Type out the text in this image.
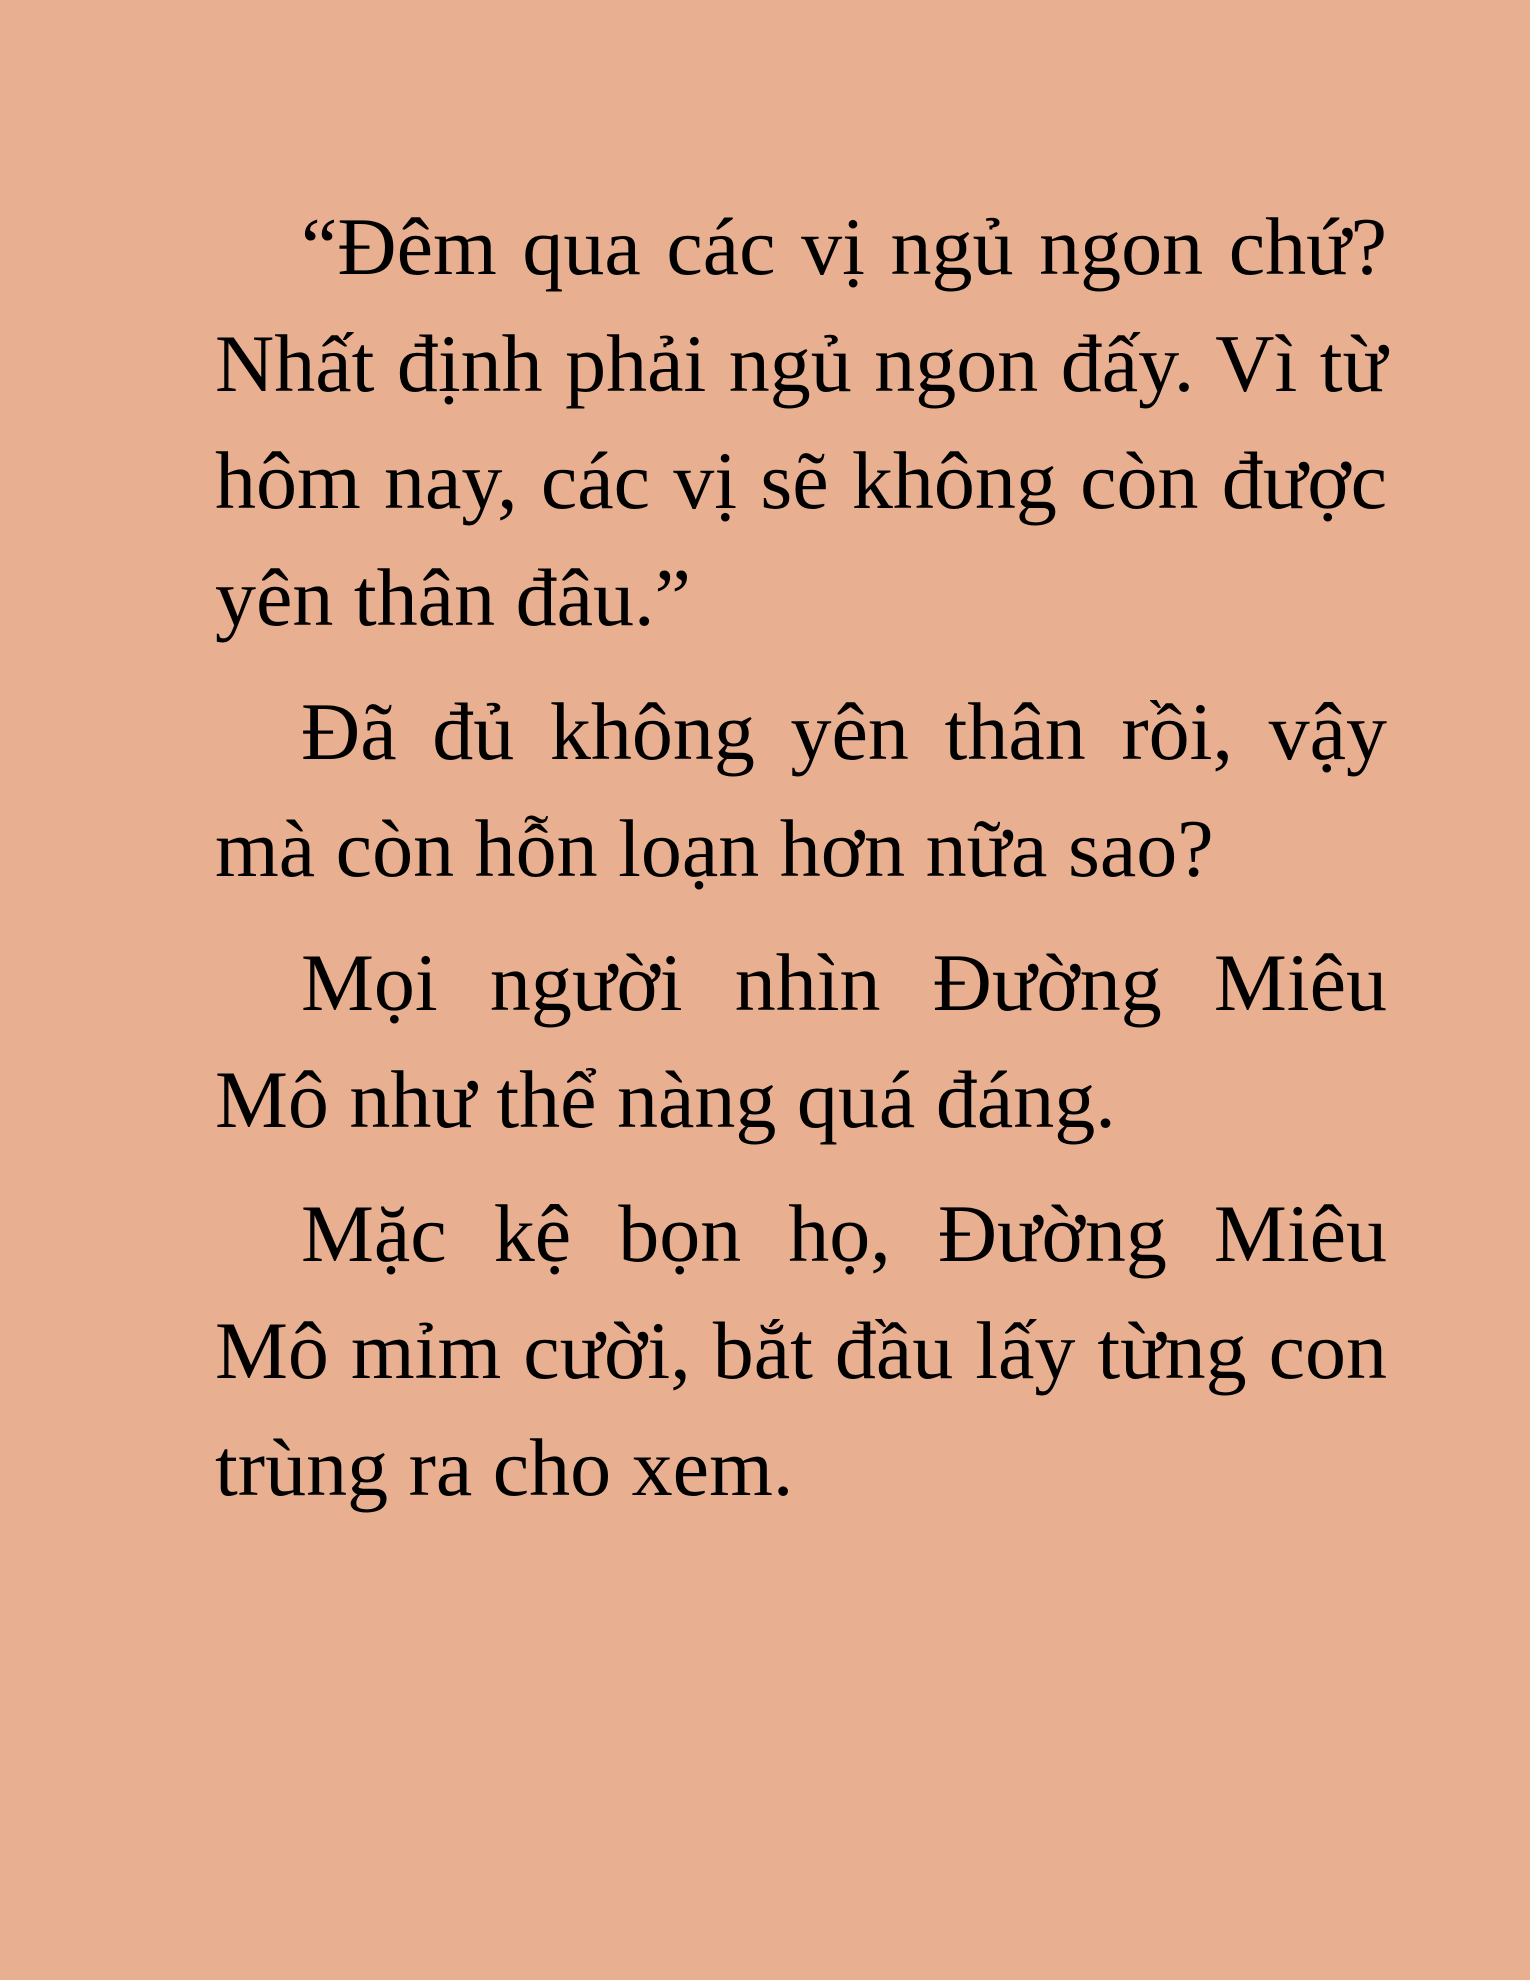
“Đêm qua các vị ngủ ngon chứ? Nhất định phải ngủ ngon đấy. Vì từ hôm nay, các vị sẽ không còn được yên thân đâu.”

Đã đủ không yên thân rồi, vậy mà còn hỗn loạn hơn nữa sao?

Mọi người nhìn Đường Miêu Mô như thể nàng quá đáng.

Mặc kệ bọn họ, Đường Miêu Mô mỉm cười, bắt đầu lấy từng con trùng ra cho xem.
